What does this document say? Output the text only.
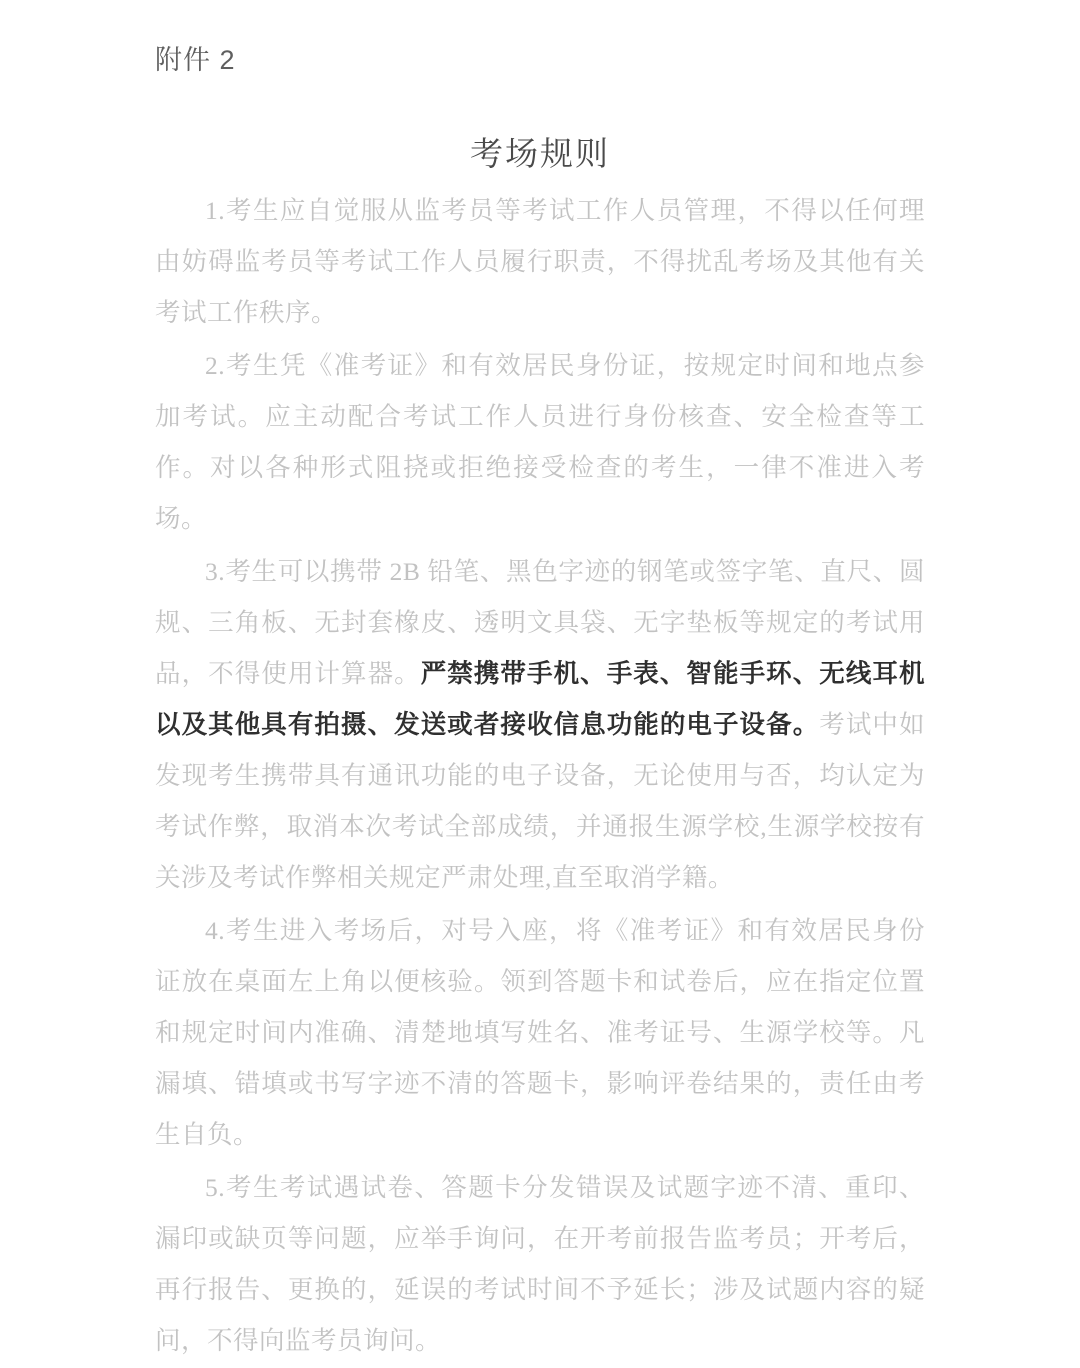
附件 2
考场规则

1.考生应自觉服从监考员等考试工作人员管理，不得以任何理由妨碍监考员等考试工作人员履行职责，不得扰乱考场及其他有关考试工作秩序。

2.考生凭《准考证》和有效居民身份证，按规定时间和地点参加考试。应主动配合考试工作人员进行身份核查、安全检查等工作。对以各种形式阻挠或拒绝接受检查的考生，一律不准进入考场。

3.考生可以携带 2B 铅笔、黑色字迹的钢笔或签字笔、直尺、圆规、三角板、无封套橡皮、透明文具袋、无字垫板等规定的考试用品，不得使用计算器。严禁携带手机、手表、智能手环、无线耳机以及其他具有拍摄、发送或者接收信息功能的电子设备。考试中如发现考生携带具有通讯功能的电子设备，无论使用与否，均认定为考试作弊，取消本次考试全部成绩，并通报生源学校,生源学校按有关涉及考试作弊相关规定严肃处理,直至取消学籍。

4.考生进入考场后，对号入座，将《准考证》和有效居民身份证放在桌面左上角以便核验。领到答题卡和试卷后，应在指定位置和规定时间内准确、清楚地填写姓名、准考证号、生源学校等。凡漏填、错填或书写字迹不清的答题卡，影响评卷结果的，责任由考生自负。

5.考生考试遇试卷、答题卡分发错误及试题字迹不清、重印、漏印或缺页等问题，应举手询问，在开考前报告监考员；开考后，再行报告、更换的，延误的考试时间不予延长；涉及试题内容的疑问，不得向监考员询问。
